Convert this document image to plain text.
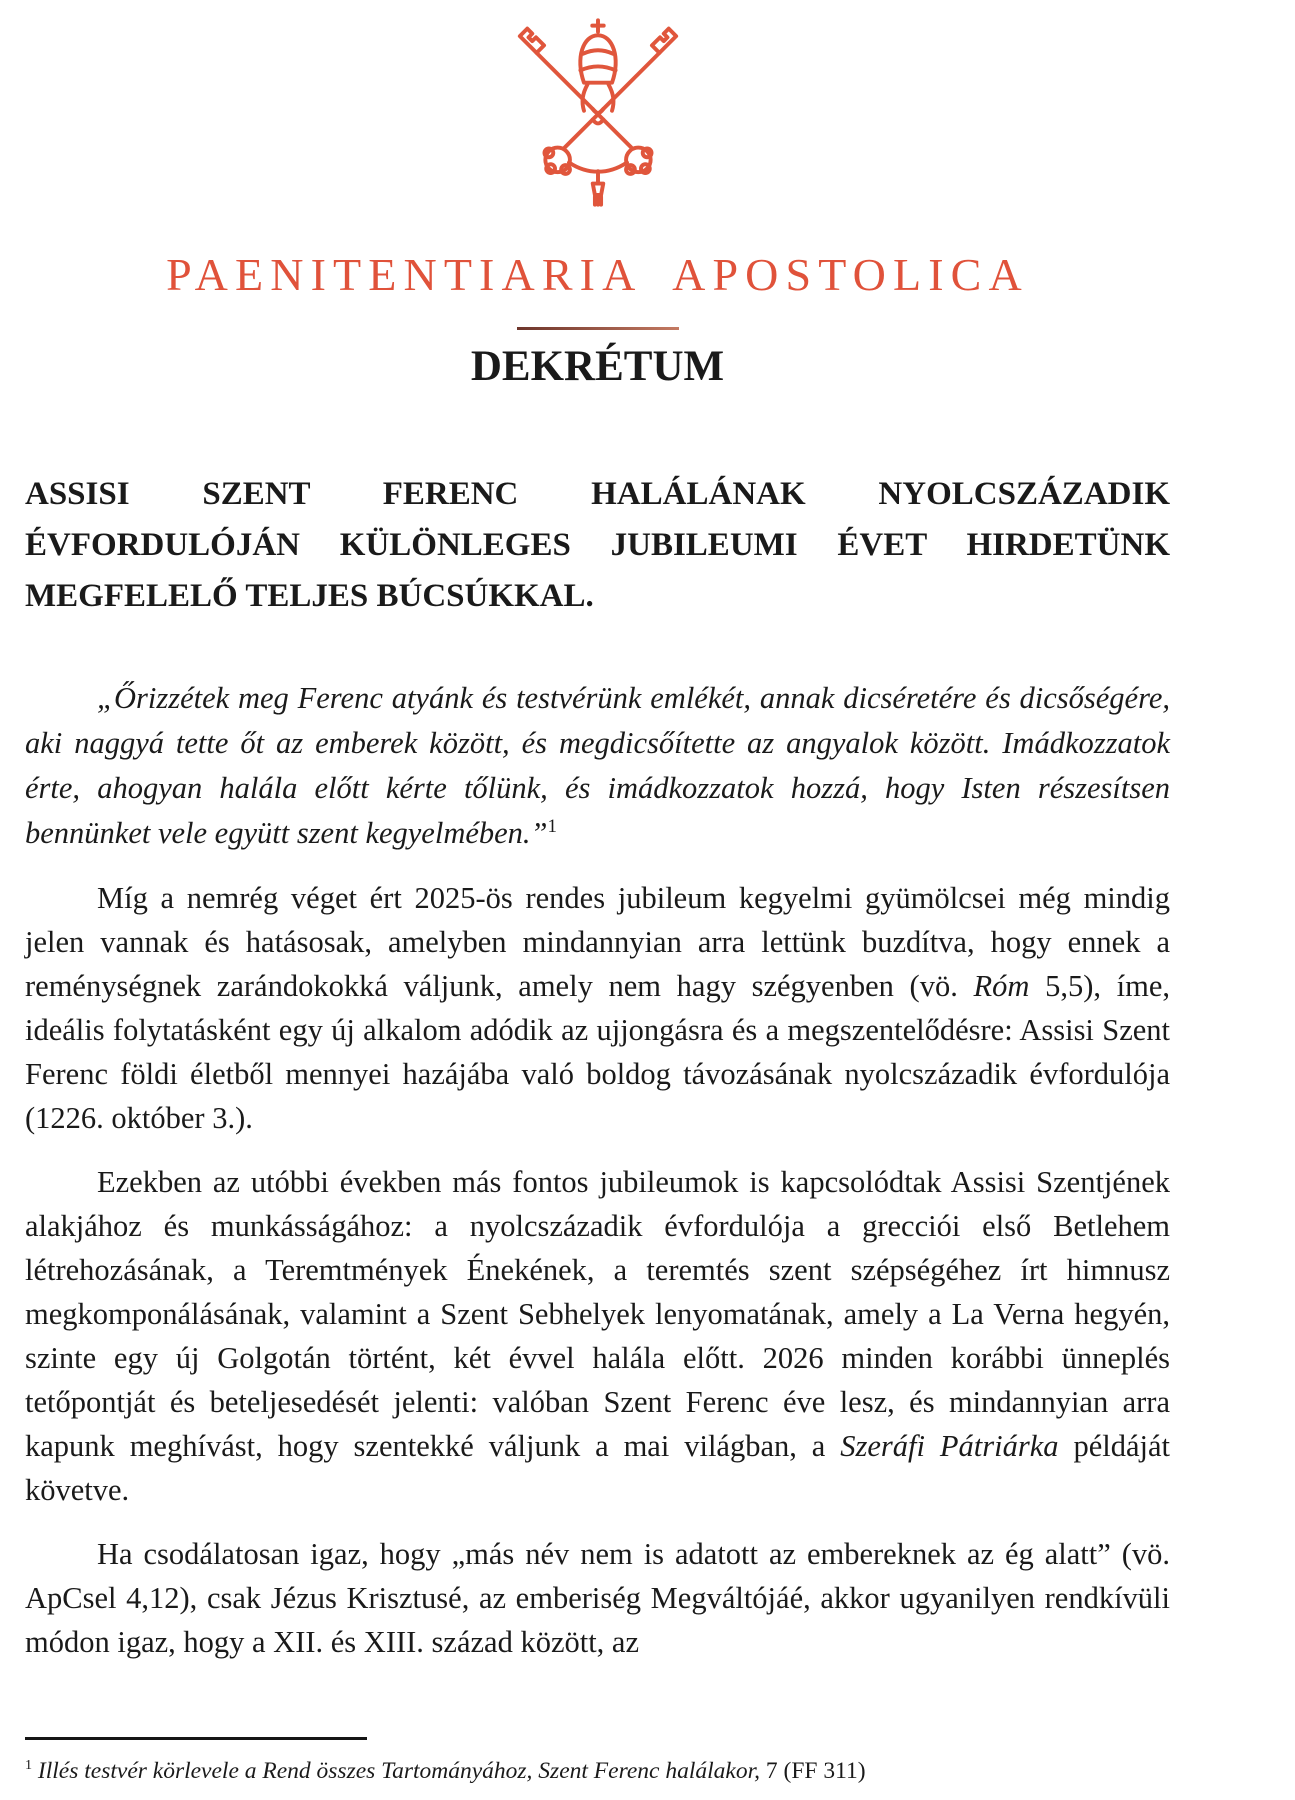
PAENITENTIARIA APOSTOLICA
DEKRÉTUM
ASSISI SZENT FERENC HALÁLÁNAK NYOLCSZÁZADIK
ÉVFORDULÓJÁN KÜLÖNLEGES JUBILEUMI ÉVET HIRDETÜNK
MEGFELELŐ TELJES BÚCSÚKKAL.

„Őrizzétek meg Ferenc atyánk és testvérünk emlékét, annak dicséretére és dicsőségére, aki naggyá tette őt az emberek között, és megdicsőítette az angyalok között. Imádkozzatok érte, ahogyan halála előtt kérte tőlünk, és imádkozzatok hozzá, hogy Isten részesítsen bennünket vele együtt szent kegyelmében.”$^1$

Míg a nemrég véget ért 2025-ös rendes jubileum kegyelmi gyümölcsei még mindig jelen vannak és hatásosak, amelyben mindannyian arra lettünk buzdítva, hogy ennek a reménységnek zarándokokká váljunk, amely nem hagy szégyenben (vö. Róm 5,5), íme, ideális folytatásként egy új alkalom adódik az ujjongásra és a megszentelődésre: Assisi Szent Ferenc földi életből mennyei hazájába való boldog távozásának nyolcszázadik évfordulója (1226. október 3.).

Ezekben az utóbbi években más fontos jubileumok is kapcsolódtak Assisi Szentjének alakjához és munkásságához: a nyolcszázadik évfordulója a grecciói első Betlehem létrehozásának, a Teremtmények Énekének, a teremtés szent szépségéhez írt himnusz megkomponálásának, valamint a Szent Sebhelyek lenyomatának, amely a La Verna hegyén, szinte egy új Golgotán történt, két évvel halála előtt. 2026 minden korábbi ünneplés tetőpontját és beteljesedését jelenti: valóban Szent Ferenc éve lesz, és mindannyian arra kapunk meghívást, hogy szentekké váljunk a mai világban, a Szeráfi Pátriárka példáját követve.

Ha csodálatosan igaz, hogy „más név nem is adatott az embereknek az ég alatt” (vö. ApCsel 4,12), csak Jézus Krisztusé, az emberiség Megváltójáé, akkor ugyanilyen rendkívüli módon igaz, hogy a XII. és XIII. század között, az

$^1$ Illés testvér körlevele a Rend összes Tartományához, Szent Ferenc halálakor, 7 (FF 311)
